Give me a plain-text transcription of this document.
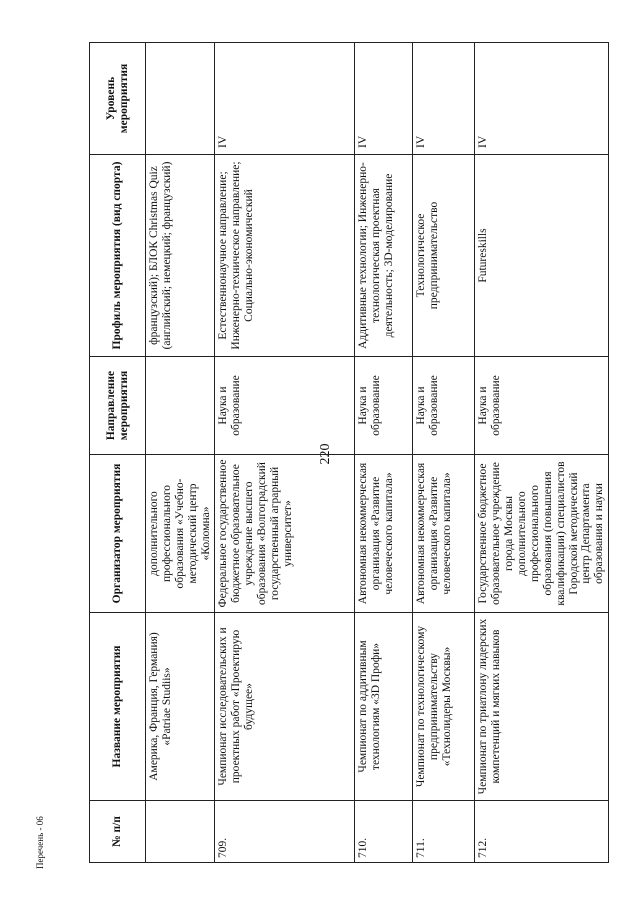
220
№ п/п	Название мероприятия	Организатор мероприятия	Направление мероприятия	Профиль мероприятия (вид спорта)	Уровень мероприятия
	Америка, Франция, Германия) «Patriae Studiis»	дополнительного профессионального образования «Учебно-методический центр «Коломна»		французский); БЛОК Christmas Quiz (английский; немецкий; французский)	
709.	Чемпионат исследовательских и проектных работ «Проектирую будущее»	Федеральное государственное бюджетное образовательное учреждение высшего образования «Волгоградский государственный аграрный университет»	Наука и образование	Естественнонаучное направление; Инженерно-техническое направление; Социально-экономический	IV
710.	Чемпионат по аддитивным технологиям «3D Профи»	Автономная некоммерческая организация «Развитие человеческого капитала»	Наука и образование	Аддитивные технологии; Инженерно-технологическая проектная деятельность; 3D-моделирование	IV
711.	Чемпионат по технологическому предпринимательству «Технолидеры Москвы»	Автономная некоммерческая организация «Развитие человеческого капитала»	Наука и образование	Технологическое предпринимательство	IV
712.	Чемпионат по триатлону лидерских компетенций и мягких навыков	Государственное бюджетное образовательное учреждение города Москвы дополнительного профессионального образования (повышения квалификации) специалистов Городской методический центр Департамента образования и науки	Наука и образование	Futureskills	IV
Перечень - 06
